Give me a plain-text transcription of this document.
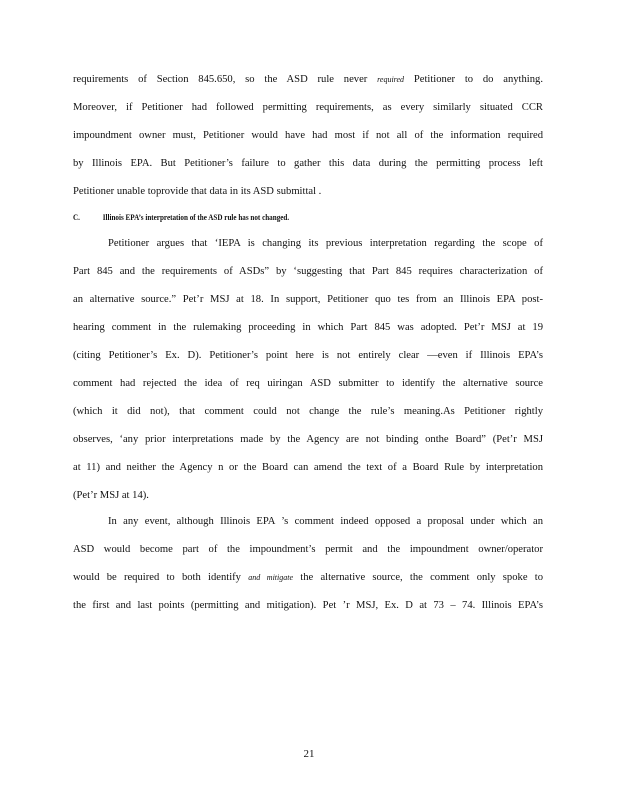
requirements of Section 845.650, so the ASD rule never required Petitioner to do anything.
Moreover, if Petitioner had followed permitting requirements, as every similarly situated CCR
impoundment owner must, Petitioner would have had most if not all of the information required
by Illinois EPA. But Petitioner’s failure to gather this data during the permitting process left
Petitioner unable toprovide that data in its ASD submittal .
C.	Illinois EPA’s interpretation of the ASD rule has not changed.
Petitioner argues that ‘IEPA is changing its previous interpretation regarding the scope of
Part 845 and the requirements of ASDs” by ‘suggesting that Part 845 requires characterization of
an alternative source.” Pet’r MSJ at 18. In support, Petitioner quo tes from an Illinois EPA post-
hearing comment in the rulemaking proceeding in which Part 845 was adopted. Pet’r MSJ at 19
(citing Petitioner’s Ex. D). Petitioner’s point here is not entirely clear —even if Illinois EPA’s
comment had rejected the idea of req uiringan ASD submitter to identify the alternative source
(which it did not), that comment could not change the rule’s meaning.As Petitioner rightly
observes, ‘any prior interpretations made by the Agency are not binding onthe Board” (Pet’r MSJ
at 11) and neither the Agency n or the Board can amend the text of a Board Rule by interpretation
(Pet’r MSJ at 14).
In any event, although Illinois EPA ’s comment indeed opposed a proposal under which an
ASD would become part of the impoundment’s permit and the impoundment owner/operator
would be required to both identify and mitigate the alternative source, the comment only spoke to
the first and last points (permitting and mitigation). Pet ’r MSJ, Ex. D at 73 – 74. Illinois EPA’s
21
